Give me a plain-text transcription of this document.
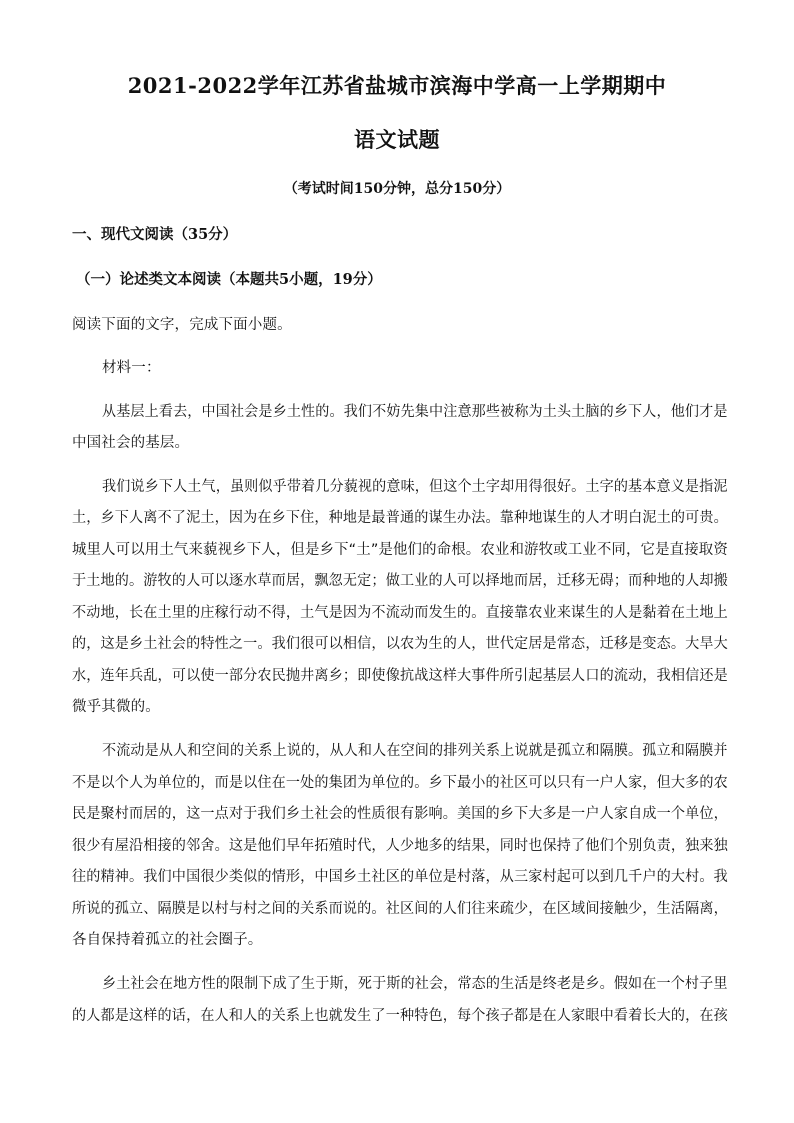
2021-2022学年江苏省盐城市滨海中学高一上学期期中
语文试题
（考试时间150分钟，总分150分）
一、现代文阅读（35分）
（一）论述类文本阅读（本题共5小题，19分）
阅读下面的文字，完成下面小题。
材料一：
从基层上看去，中国社会是乡土性的。我们不妨先集中注意那些被称为土头土脑的乡下人，他们才是
中国社会的基层。
我们说乡下人土气，虽则似乎带着几分藐视的意味，但这个土字却用得很好。土字的基本意义是指泥
土，乡下人离不了泥土，因为在乡下住，种地是最普通的谋生办法。靠种地谋生的人才明白泥土的可贵。
城里人可以用土气来藐视乡下人，但是乡下“土”是他们的命根。农业和游牧或工业不同，它是直接取资
于土地的。游牧的人可以逐水草而居，飘忽无定；做工业的人可以择地而居，迁移无碍；而种地的人却搬
不动地，长在土里的庄稼行动不得，土气是因为不流动而发生的。直接靠农业来谋生的人是黏着在土地上
的，这是乡土社会的特性之一。我们很可以相信，以农为生的人，世代定居是常态，迁移是变态。大旱大
水，连年兵乱，可以使一部分农民抛井离乡；即使像抗战这样大事件所引起基层人口的流动，我相信还是
微乎其微的。
不流动是从人和空间的关系上说的，从人和人在空间的排列关系上说就是孤立和隔膜。孤立和隔膜并
不是以个人为单位的，而是以住在一处的集团为单位的。乡下最小的社区可以只有一户人家，但大多的农
民是聚村而居的，这一点对于我们乡土社会的性质很有影响。美国的乡下大多是一户人家自成一个单位，
很少有屋沿相接的邻舍。这是他们早年拓殖时代，人少地多的结果，同时也保持了他们个别负责，独来独
往的精神。我们中国很少类似的情形，中国乡土社区的单位是村落，从三家村起可以到几千户的大村。我
所说的孤立、隔膜是以村与村之间的关系而说的。社区间的人们往来疏少，在区域间接触少，生活隔离，
各自保持着孤立的社会圈子。
乡土社会在地方性的限制下成了生于斯，死于斯的社会，常态的生活是终老是乡。假如在一个村子里
的人都是这样的话，在人和人的关系上也就发生了一种特色，每个孩子都是在人家眼中看着长大的，在孩
